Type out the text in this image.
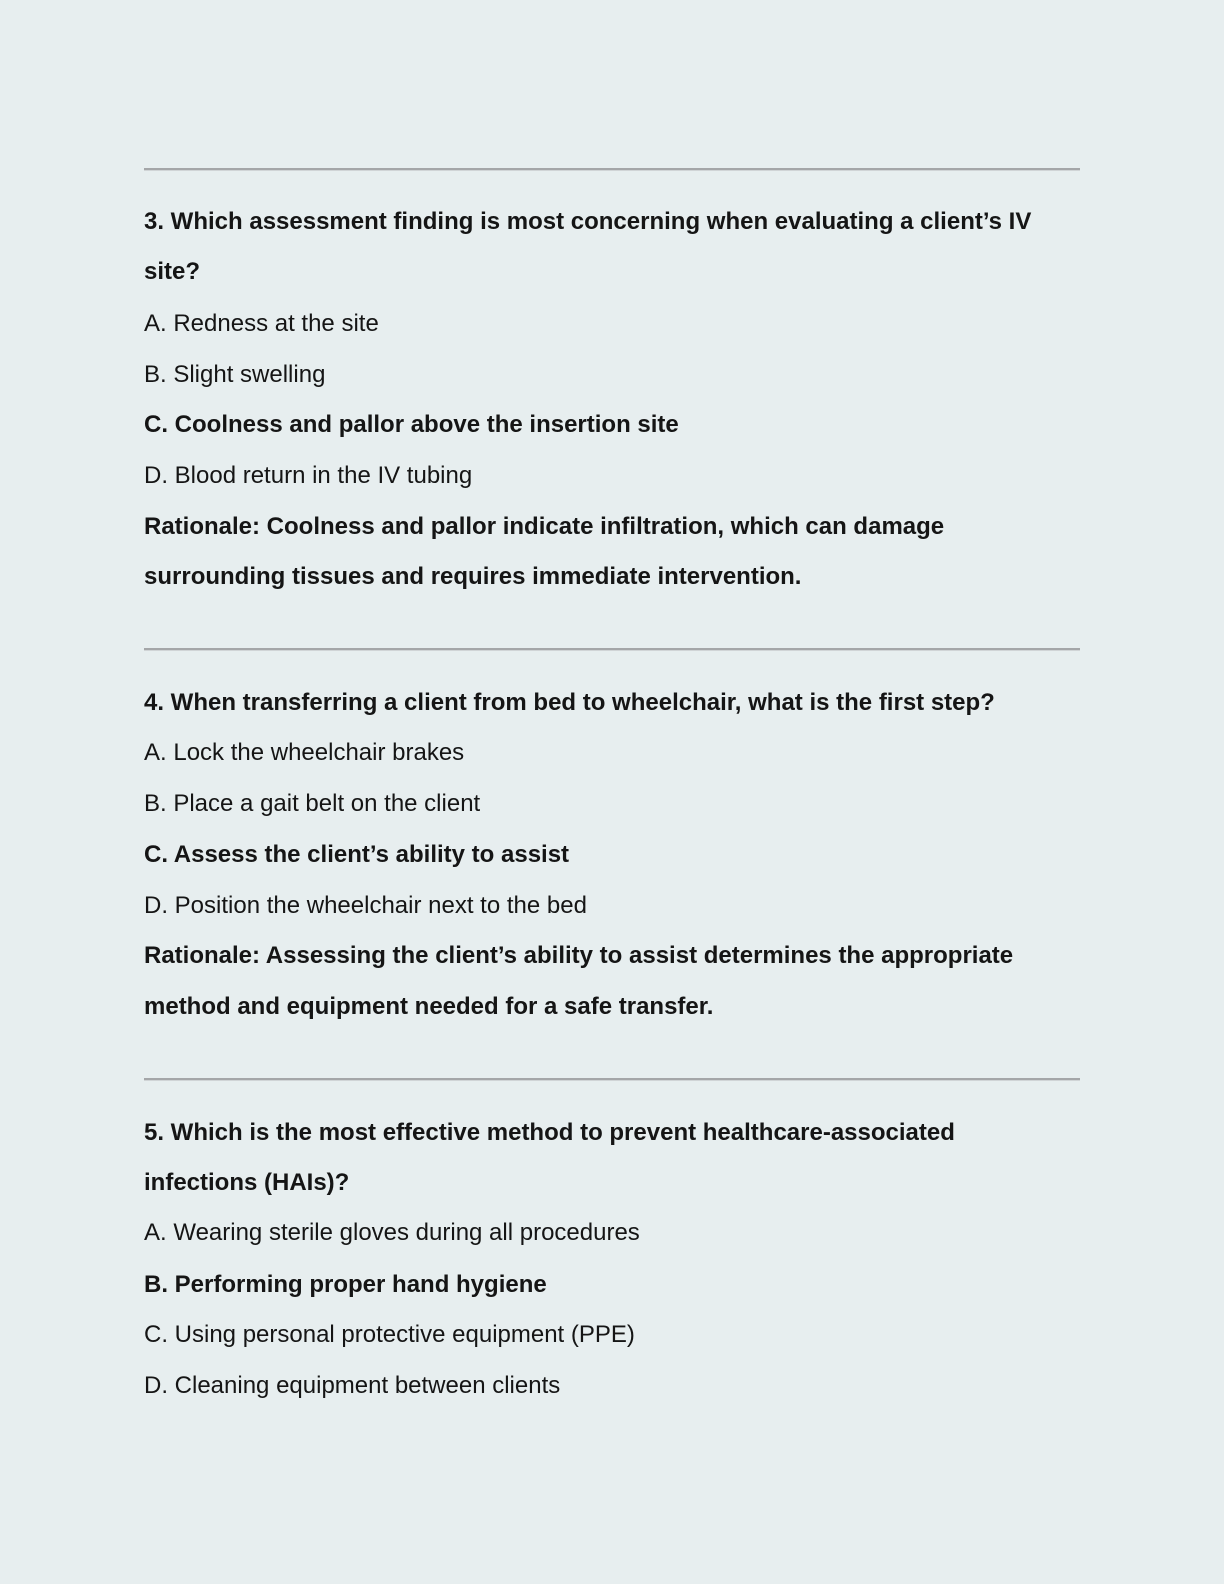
3. Which assessment finding is most concerning when evaluating a client’s IV
site?
A. Redness at the site
B. Slight swelling
C. Coolness and pallor above the insertion site
D. Blood return in the IV tubing
Rationale: Coolness and pallor indicate infiltration, which can damage
surrounding tissues and requires immediate intervention.
4. When transferring a client from bed to wheelchair, what is the first step?
A. Lock the wheelchair brakes
B. Place a gait belt on the client
C. Assess the client’s ability to assist
D. Position the wheelchair next to the bed
Rationale: Assessing the client’s ability to assist determines the appropriate
method and equipment needed for a safe transfer.
5. Which is the most effective method to prevent healthcare-associated
infections (HAIs)?
A. Wearing sterile gloves during all procedures
B. Performing proper hand hygiene
C. Using personal protective equipment (PPE)
D. Cleaning equipment between clients
